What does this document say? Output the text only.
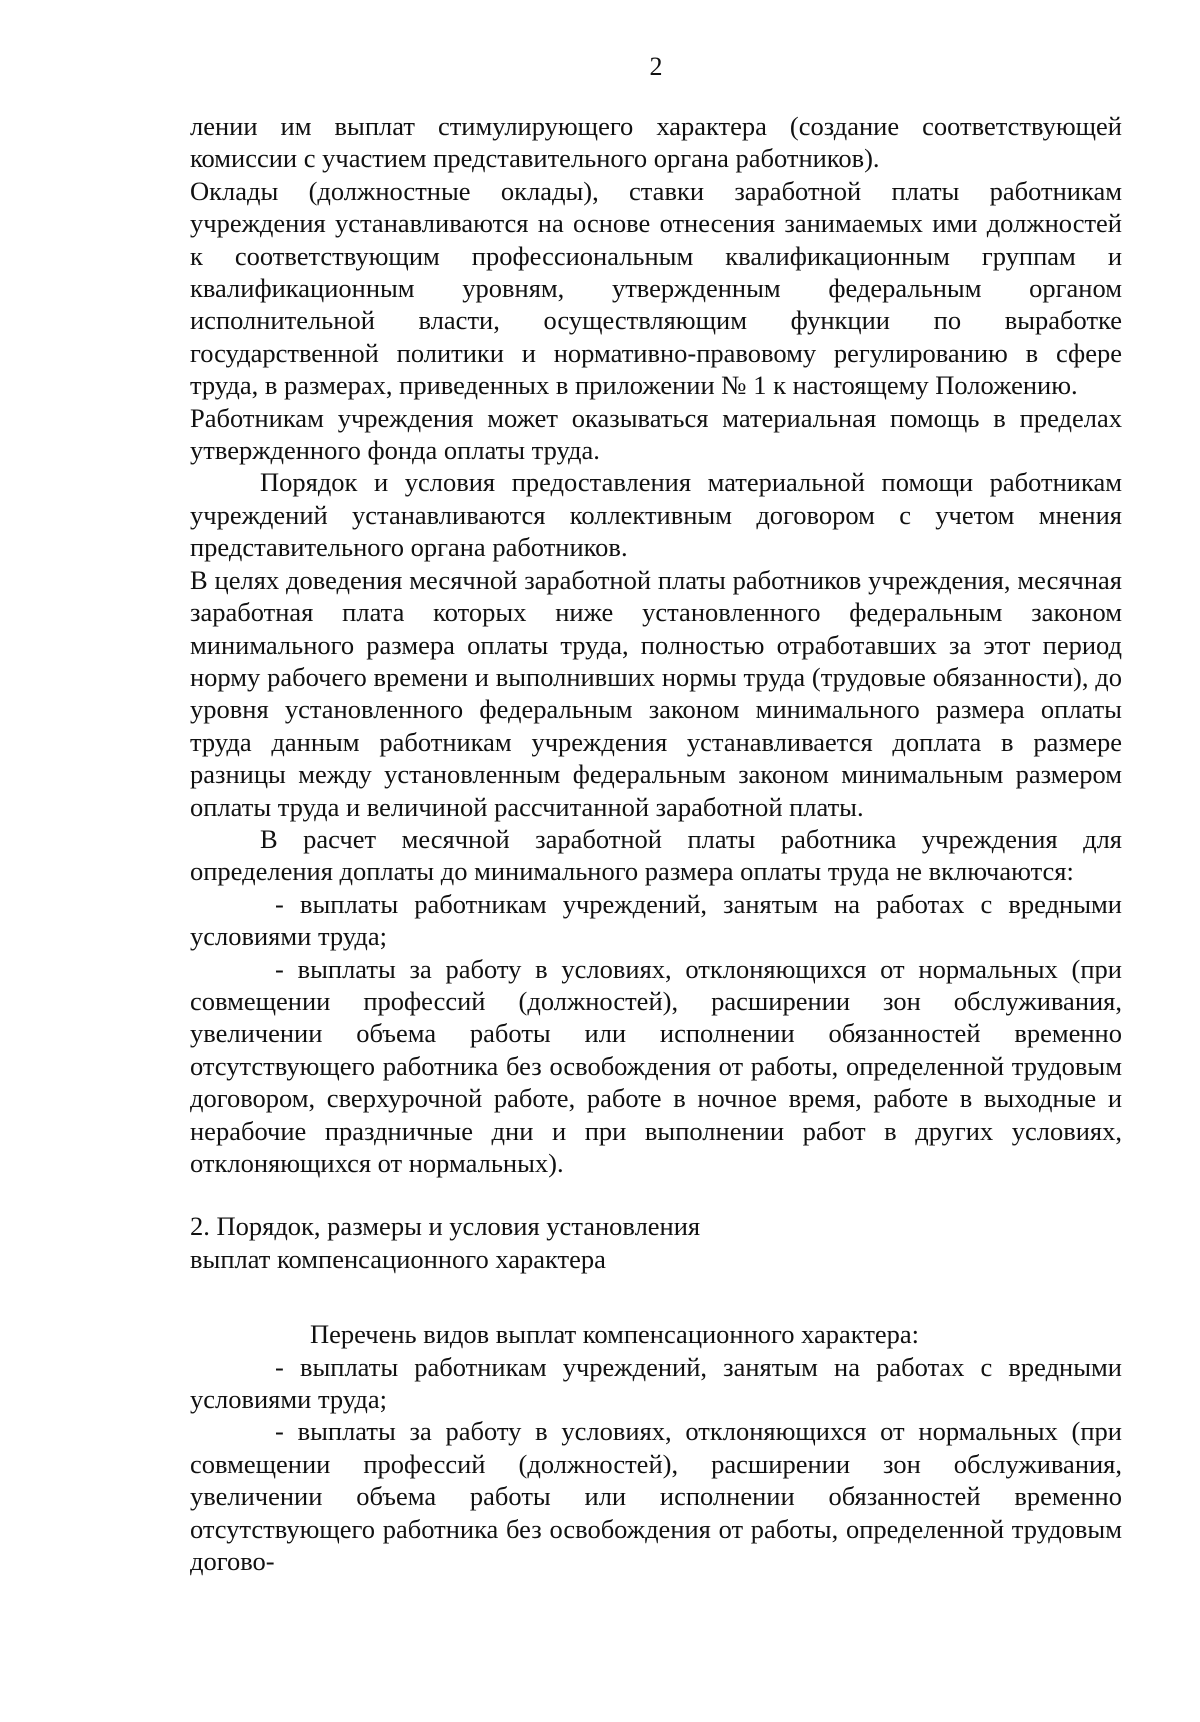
2

лении им выплат стимулирующего характера (создание соответствующей комиссии с участием представительного органа работников).

Оклады (должностные оклады), ставки заработной платы работникам учреждения устанавливаются на основе отнесения занимаемых ими должностей к соответствующим профессиональным квалификационным группам и квалификационным уровням, утвержденным федеральным органом исполнительной власти, осуществляющим функции по выработке государственной политики и нормативно-правовому регулированию в сфере труда, в размерах, приведенных в приложении № 1 к настоящему Положению.

Работникам учреждения может оказываться материальная помощь в пределах утвержденного фонда оплаты труда.

Порядок и условия предоставления материальной помощи работникам учреждений устанавливаются коллективным договором с учетом мнения представительного органа работников.

В целях доведения месячной заработной платы работников учреждения, месячная заработная плата которых ниже установленного федеральным законом минимального размера оплаты труда, полностью отработавших за этот период норму рабочего времени и выполнивших нормы труда (трудовые обязанности), до уровня установленного федеральным законом минимального размера оплаты труда данным работникам учреждения устанавливается доплата в размере разницы между установленным федеральным законом минимальным размером оплаты труда и величиной рассчитанной заработной платы.

В расчет месячной заработной платы работника учреждения для определения доплаты до минимального размера оплаты труда не включаются:

- выплаты работникам учреждений, занятым на работах с вредными условиями труда;

- выплаты за работу в условиях, отклоняющихся от нормальных (при совмещении профессий (должностей), расширении зон обслуживания, увеличении объема работы или исполнении обязанностей временно отсутствующего работника без освобождения от работы, определенной трудовым договором, сверхурочной работе, работе в ночное время, работе в выходные и нерабочие праздничные дни и при выполнении работ в других условиях, отклоняющихся от нормальных).

2. Порядок, размеры и условия установления

выплат компенсационного характера

Перечень видов выплат компенсационного характера:

- выплаты работникам учреждений, занятым на работах с вредными условиями труда;

- выплаты за работу в условиях, отклоняющихся от нормальных (при совмещении профессий (должностей), расширении зон обслуживания, увеличении объема работы или исполнении обязанностей временно отсутствующего работника без освобождения от работы, определенной трудовым догово-
